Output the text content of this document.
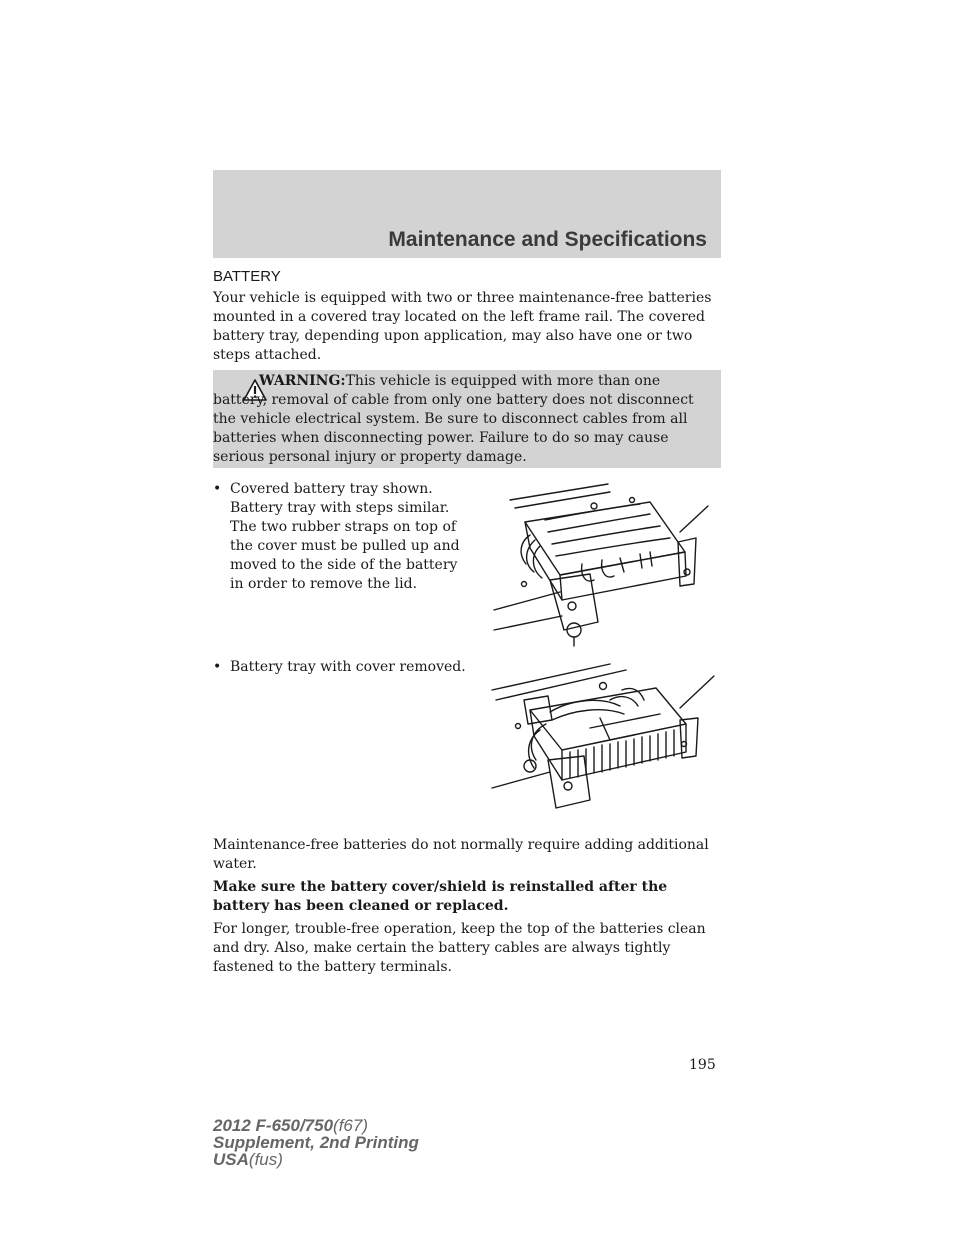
Maintenance and Specifications
BATTERY

Your vehicle is equipped with two or three maintenance-free batteries mounted in a covered tray located on the left frame rail. The covered battery tray, depending upon application, may also have one or two steps attached.

WARNING:This vehicle is equipped with more than one battery, removal of cable from only one battery does not disconnect the vehicle electrical system. Be sure to disconnect cables from all batteries when disconnecting power. Failure to do so may cause serious personal injury or property damage.

• Covered battery tray shown. Battery tray with steps similar. The two rubber straps on top of the cover must be pulled up and moved to the side of the battery in order to remove the lid.
• Battery tray with cover removed.

Maintenance-free batteries do not normally require adding additional water.

Make sure the battery cover/shield is reinstalled after the battery has been cleaned or replaced.

For longer, trouble-free operation, keep the top of the batteries clean and dry. Also, make certain the battery cables are always tightly fastened to the battery terminals.

195
2012 F-650/750(f67)
Supplement, 2nd Printing
USA(fus)
